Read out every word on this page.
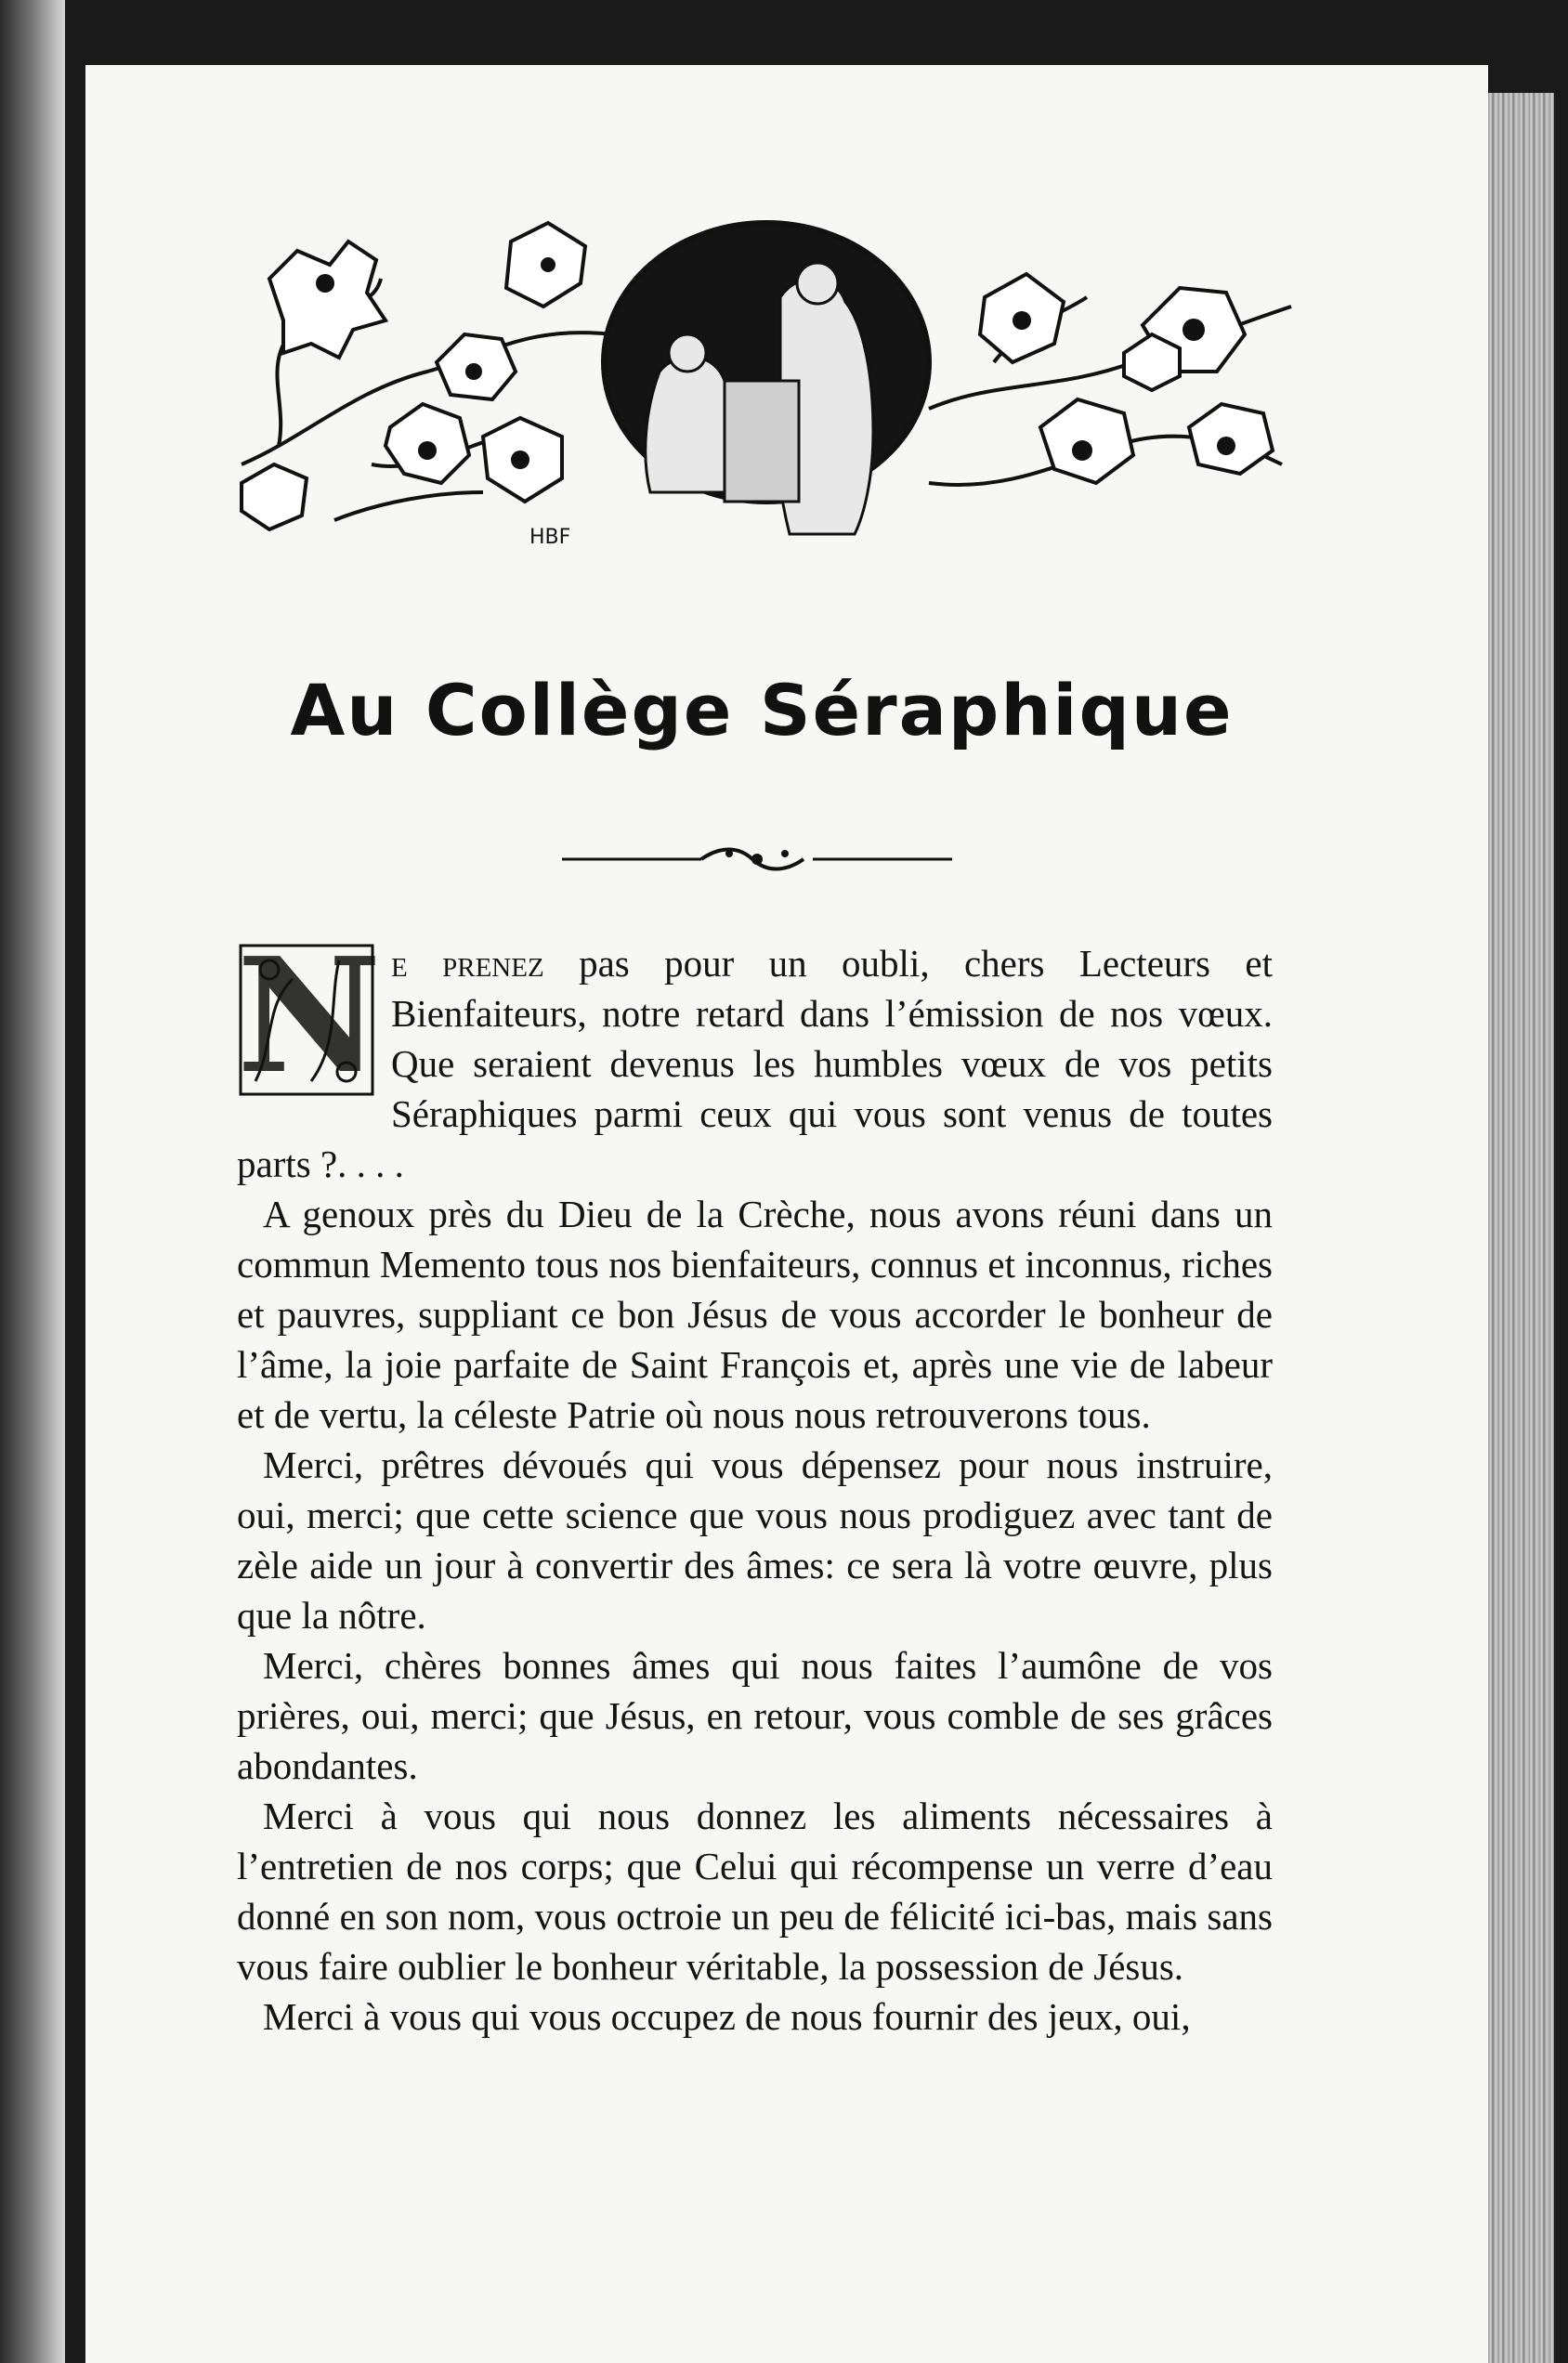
HBF
Au Collège Séraphique

N e prenez pas pour un oubli, chers Lecteurs et Bienfaiteurs, notre retard dans l’émission de nos vœux. Que seraient devenus les humbles vœux de vos petits Séraphiques parmi ceux qui vous sont venus de toutes parts ?. . . .

A genoux près du Dieu de la Crèche, nous avons réuni dans un commun Memento tous nos bienfaiteurs, connus et inconnus, riches et pauvres, suppliant ce bon Jésus de vous accorder le bonheur de l’âme, la joie parfaite de Saint François et, après une vie de labeur et de vertu, la céleste Patrie où nous nous retrouverons tous.

Merci, prêtres dévoués qui vous dépensez pour nous instruire, oui, merci; que cette science que vous nous prodiguez avec tant de zèle aide un jour à convertir des âmes: ce sera là votre œuvre, plus que la nôtre.

Merci, chères bonnes âmes qui nous faites l’aumône de vos prières, oui, merci; que Jésus, en retour, vous comble de ses grâces abondantes.

Merci à vous qui nous donnez les aliments nécessaires à l’entretien de nos corps; que Celui qui récompense un verre d’eau donné en son nom, vous octroie un peu de félicité ici-bas, mais sans vous faire oublier le bonheur véritable, la possession de Jésus.

Merci à vous qui vous occupez de nous fournir des jeux, oui,
